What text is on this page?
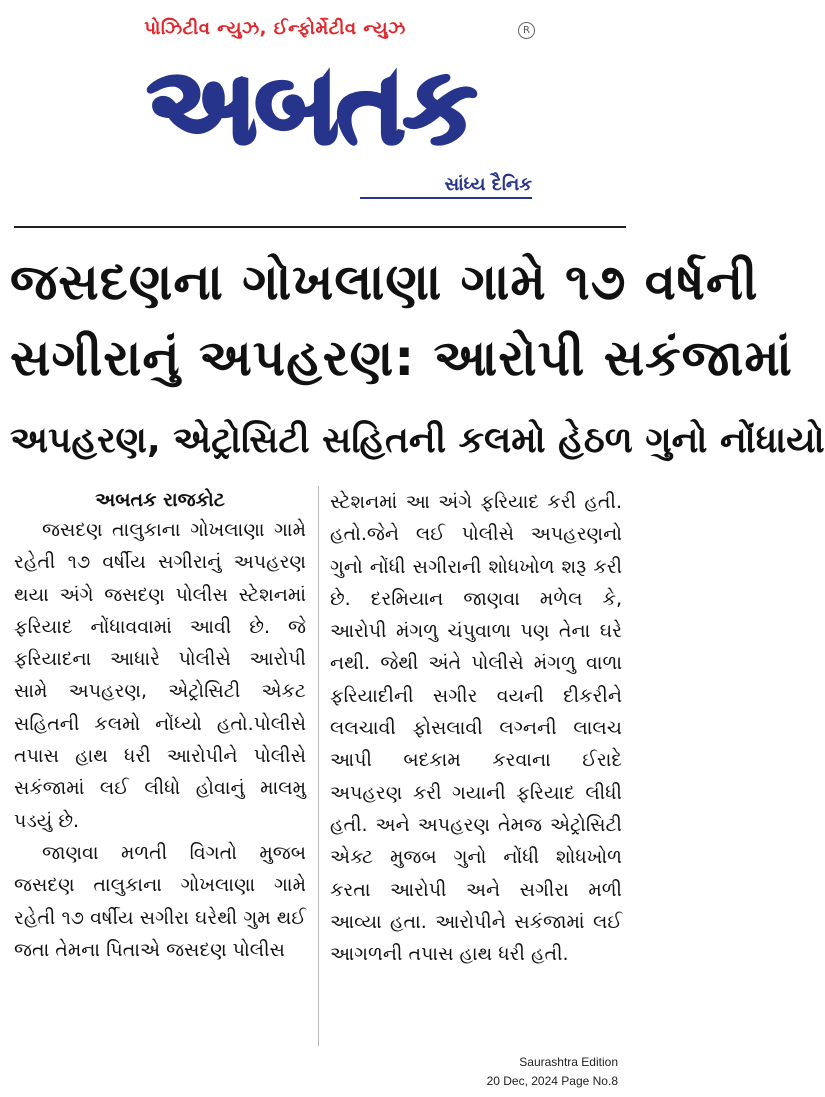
પોઝિટીવ ન્યુઝ, ઈન્ફોર્મેટીવ ન્યુઝ	R
અબતક
સાંધ્ય દૈનિક
જસદણના ગોખલાણા ગામે ૧૭ વર્ષની
સગીરાનું અપહરણ: આરોપી સકંજામાં
અપહરણ, એટ્રોસિટી સહિતની કલમો હેઠળ ગુનો નોંધાયો
અબતક રાજકોટ

જસદણ તાલુકાના ગોખલાણા ગામે રહેતી ૧૭ વર્ષીય સગીરાનું અપહરણ થયા અંગે જસદણ પોલીસ સ્ટેશનમાં ફરિયાદ નોંધાવવામાં આવી છે. જે ફરિયાદના આધારે પોલીસે આરોપી સામે અપહરણ, એટ્રોસિટી એકટ સહિતની કલમો નોંધ્યો હતો.પોલીસે તપાસ હાથ ધરી આરોપીને પોલીસે સકંજામાં લઈ લીધો હોવાનું માલમુ પડયું છે.

જાણવા મળતી વિગતો મુજબ જસદણ તાલુકાના ગોખલાણા ગામે રહેતી ૧૭ વર્ષીય સગીરા ઘરેથી ગુમ થઈ જતા તેમના પિતાએ જસદણ પોલીસ

સ્ટેશનમાં આ અંગે ફરિયાદ કરી હતી. હતો.જેને લઈ પોલીસે અપહરણનો ગુનો નોંધી સગીરાની શોધખોળ શરૂ કરી છે. દરમિયાન જાણવા મળેલ કે, આરોપી મંગળુ ચંપુવાળા પણ તેના ઘરે નથી. જેથી અંતે પોલીસે મંગળુ વાળા ફરિયાદીની સગીર વયની દીકરીને લલચાવી ફોસલાવી લગ્નની લાલચ આપી બદકામ કરવાના ઈરાદે અપહરણ કરી ગયાની ફરિયાદ લીધી હતી. અને અપહરણ તેમજ એટ્રોસિટી એક્ટ મુજબ ગુનો નોંધી શોધખોળ કરતા આરોપી અને સગીરા મળી આવ્યા હતા. આરોપીને સકંજામાં લઈ આગળની તપાસ હાથ ધરી હતી.

Saurashtra Edition
20 Dec, 2024 Page No.8
